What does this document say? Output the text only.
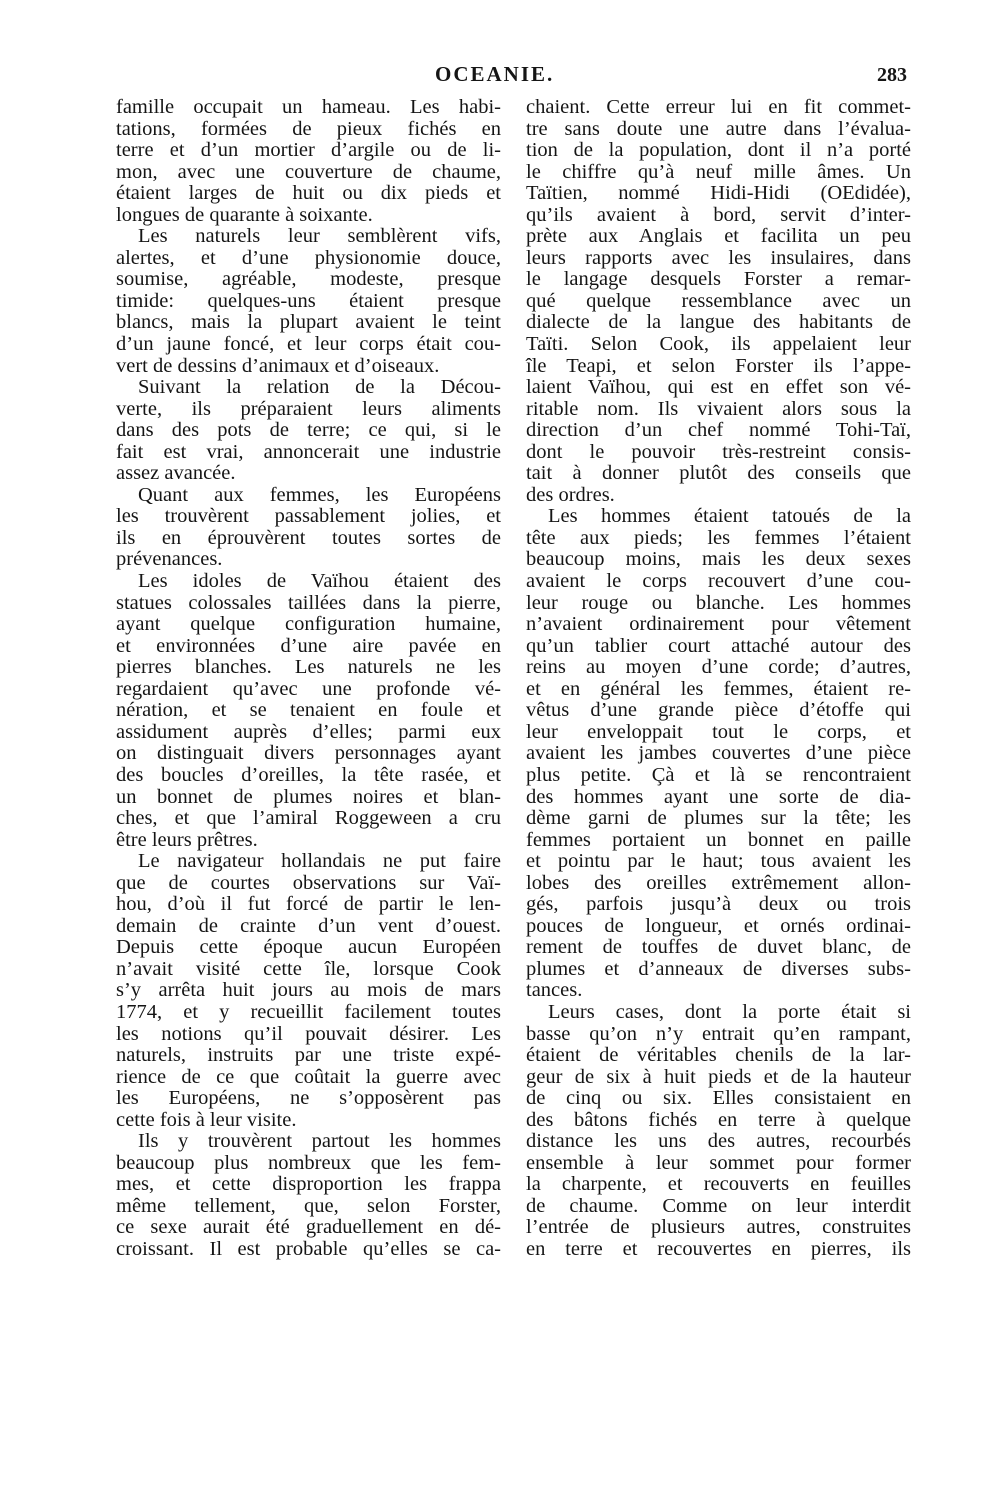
OCEANIE.	283
famille occupait un hameau. Les habi-
tations, formées de pieux fichés en
terre et d’un mortier d’argile ou de li-
mon, avec une couverture de chaume,
étaient larges de huit ou dix pieds et
longues de quarante à soixante.
Les naturels leur semblèrent vifs,
alertes, et d’une physionomie douce,
soumise, agréable, modeste, presque
timide: quelques-uns étaient presque
blancs, mais la plupart avaient le teint
d’un jaune foncé, et leur corps était cou-
vert de dessins d’animaux et d’oiseaux.
Suivant la relation de la Décou-
verte, ils préparaient leurs aliments
dans des pots de terre; ce qui, si le
fait est vrai, annoncerait une industrie
assez avancée.
Quant aux femmes, les Européens
les trouvèrent passablement jolies, et
ils en éprouvèrent toutes sortes de
prévenances.
Les idoles de Vaïhou étaient des
statues colossales taillées dans la pierre,
ayant quelque configuration humaine,
et environnées d’une aire pavée en
pierres blanches. Les naturels ne les
regardaient qu’avec une profonde vé-
nération, et se tenaient en foule et
assidument auprès d’elles; parmi eux
on distinguait divers personnages ayant
des boucles d’oreilles, la tête rasée, et
un bonnet de plumes noires et blan-
ches, et que l’amiral Roggeween a cru
être leurs prêtres.
Le navigateur hollandais ne put faire
que de courtes observations sur Vaï-
hou, d’où il fut forcé de partir le len-
demain de crainte d’un vent d’ouest.
Depuis cette époque aucun Européen
n’avait visité cette île, lorsque Cook
s’y arrêta huit jours au mois de mars
1774, et y recueillit facilement toutes
les notions qu’il pouvait désirer. Les
naturels, instruits par une triste expé-
rience de ce que coûtait la guerre avec
les Européens, ne s’opposèrent pas
cette fois à leur visite.
Ils y trouvèrent partout les hommes
beaucoup plus nombreux que les fem-
mes, et cette disproportion les frappa
même tellement, que, selon Forster,
ce sexe aurait été graduellement en dé-
croissant. Il est probable qu’elles se ca-
chaient. Cette erreur lui en fit commet-
tre sans doute une autre dans l’évalua-
tion de la population, dont il n’a porté
le chiffre qu’à neuf mille âmes. Un
Taïtien, nommé Hidi-Hidi (OEdidée),
qu’ils avaient à bord, servit d’inter-
prète aux Anglais et facilita un peu
leurs rapports avec les insulaires, dans
le langage desquels Forster a remar-
qué quelque ressemblance avec un
dialecte de la langue des habitants de
Taïti. Selon Cook, ils appelaient leur
île Teapi, et selon Forster ils l’appe-
laient Vaïhou, qui est en effet son vé-
ritable nom. Ils vivaient alors sous la
direction d’un chef nommé Tohi-Taï,
dont le pouvoir très-restreint consis-
tait à donner plutôt des conseils que
des ordres.
Les hommes étaient tatoués de la
tête aux pieds; les femmes l’étaient
beaucoup moins, mais les deux sexes
avaient le corps recouvert d’une cou-
leur rouge ou blanche. Les hommes
n’avaient ordinairement pour vêtement
qu’un tablier court attaché autour des
reins au moyen d’une corde; d’autres,
et en général les femmes, étaient re-
vêtus d’une grande pièce d’étoffe qui
leur enveloppait tout le corps, et
avaient les jambes couvertes d’une pièce
plus petite. Çà et là se rencontraient
des hommes ayant une sorte de dia-
dème garni de plumes sur la tête; les
femmes portaient un bonnet en paille
et pointu par le haut; tous avaient les
lobes des oreilles extrêmement allon-
gés, parfois jusqu’à deux ou trois
pouces de longueur, et ornés ordinai-
rement de touffes de duvet blanc, de
plumes et d’anneaux de diverses subs-
tances.
Leurs cases, dont la porte était si
basse qu’on n’y entrait qu’en rampant,
étaient de véritables chenils de la lar-
geur de six à huit pieds et de la hauteur
de cinq ou six. Elles consistaient en
des bâtons fichés en terre à quelque
distance les uns des autres, recourbés
ensemble à leur sommet pour former
la charpente, et recouverts en feuilles
de chaume. Comme on leur interdit
l’entrée de plusieurs autres, construites
en terre et recouvertes en pierres, ils
